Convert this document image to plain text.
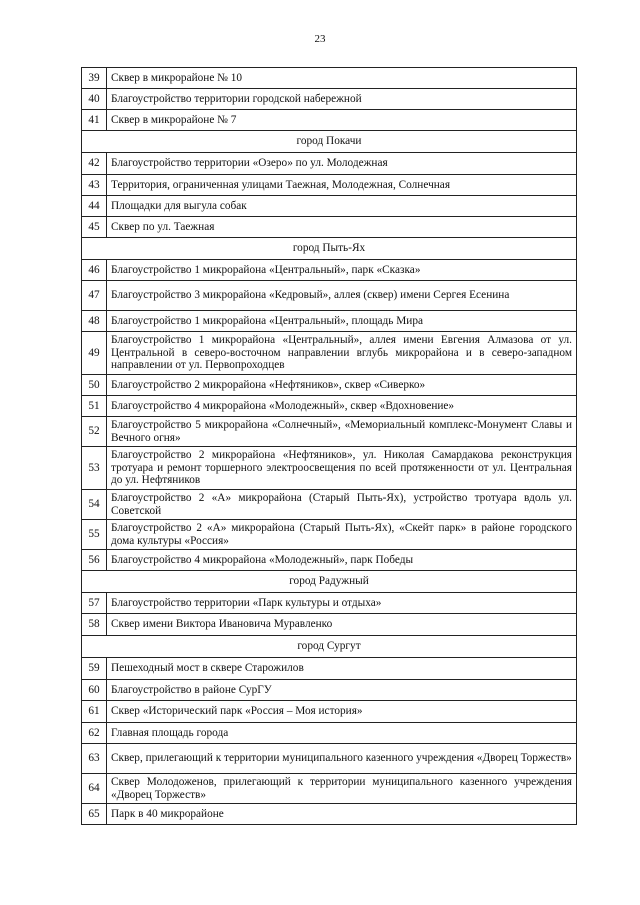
23
39	Сквер в микрорайоне № 10
40	Благоустройство территории городской набережной
41	Сквер в микрорайоне № 7
город Покачи	
42	Благоустройство территории «Озеро» по ул. Молодежная
43	Территория, ограниченная улицами Таежная, Молодежная, Солнечная
44	Площадки для выгула собак
45	Сквер по ул. Таежная
город Пыть-Ях	
46	Благоустройство 1 микрорайона «Центральный», парк «Сказка»
47	Благоустройство 3 микрорайона «Кедровый», аллея (сквер) имени Сергея Есенина
48	Благоустройство 1 микрорайона «Центральный», площадь Мира
49	Благоустройство 1 микрорайона «Центральный», аллея имени Евгения Алмазова от ул. Центральной в северо-восточном направлении вглубь микрорайона и в северо-западном направлении от ул. Первопроходцев
50	Благоустройство 2 микрорайона «Нефтяников», сквер «Сиверко»
51	Благоустройство 4 микрорайона «Молодежный», сквер «Вдохновение»
52	Благоустройство 5 микрорайона «Солнечный», «Мемориальный комплекс-Монумент Славы и Вечного огня»
53	Благоустройство 2 микрорайона «Нефтяников», ул. Николая Самардакова реконструкция тротуара и ремонт торшерного электроосвещения по всей протяженности от ул. Центральная до ул. Нефтяников
54	Благоустройство 2 «А» микрорайона (Старый Пыть-Ях), устройство тротуара вдоль ул. Советской
55	Благоустройство 2 «А» микрорайона (Старый Пыть-Ях), «Скейт парк» в районе городского дома культуры «Россия»
56	Благоустройство 4 микрорайона «Молодежный», парк Победы
город Радужный	
57	Благоустройство территории «Парк культуры и отдыха»
58	Сквер имени Виктора Ивановича Муравленко
город Сургут	
59	Пешеходный мост в сквере Старожилов
60	Благоустройство в районе СурГУ
61	Сквер «Исторический парк «Россия – Моя история»
62	Главная площадь города
63	Сквер, прилегающий к территории муниципального казенного учреждения «Дворец Торжеств»
64	Сквер Молодоженов, прилегающий к территории муниципального казенного учреждения «Дворец Торжеств»
65	Парк в 40 микрорайоне
